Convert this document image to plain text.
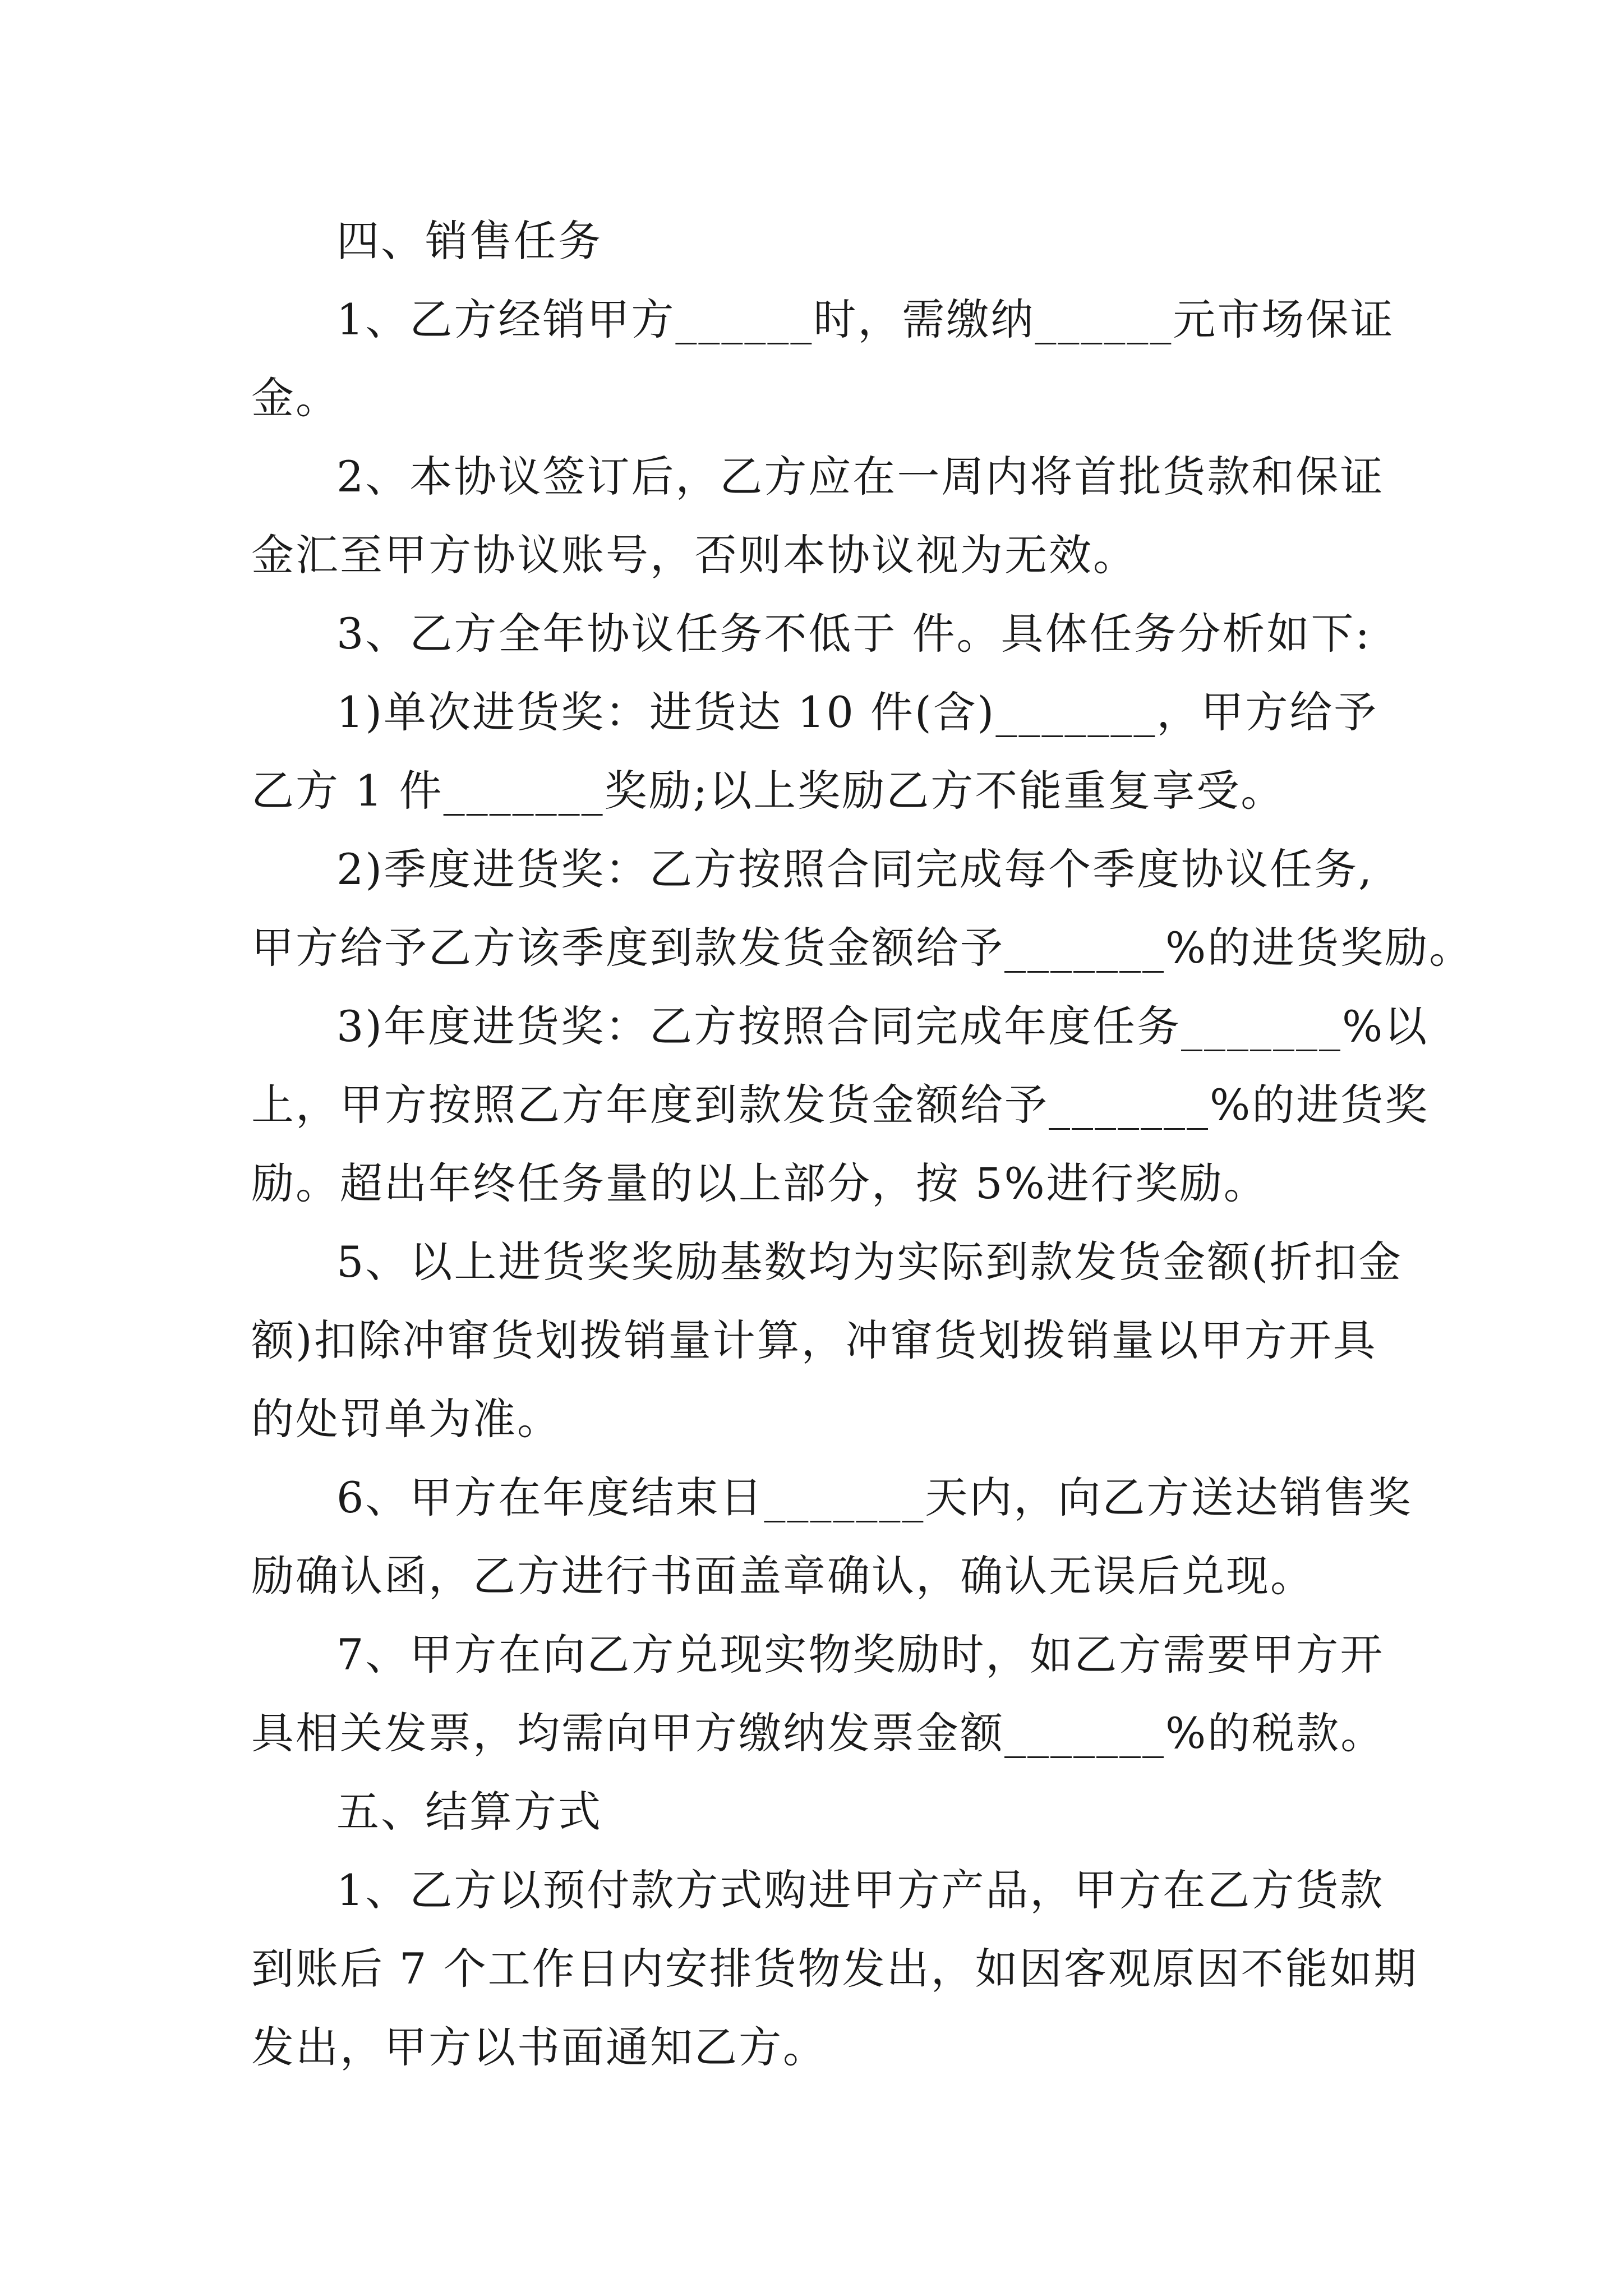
四、销售任务

1、乙方经销甲方______时，需缴纳______元市场保证

金。

2、本协议签订后，乙方应在一周内将首批货款和保证

金汇至甲方协议账号，否则本协议视为无效。

3、乙方全年协议任务不低于 件。具体任务分析如下:

1)单次进货奖：进货达 10 件(含)_______，甲方给予

乙方 1 件_______奖励;以上奖励乙方不能重复享受。

2)季度进货奖：乙方按照合同完成每个季度协议任务,

甲方给予乙方该季度到款发货金额给予_______%的进货奖励。

3)年度进货奖：乙方按照合同完成年度任务_______%以

上，甲方按照乙方年度到款发货金额给予_______%的进货奖

励。超出年终任务量的以上部分，按 5%进行奖励。

5、以上进货奖奖励基数均为实际到款发货金额(折扣金

额)扣除冲窜货划拨销量计算，冲窜货划拨销量以甲方开具

的处罚单为准。

6、甲方在年度结束日_______天内，向乙方送达销售奖

励确认函，乙方进行书面盖章确认，确认无误后兑现。

7、甲方在向乙方兑现实物奖励时，如乙方需要甲方开

具相关发票，均需向甲方缴纳发票金额_______%的税款。

五、结算方式

1、乙方以预付款方式购进甲方产品，甲方在乙方货款

到账后 7 个工作日内安排货物发出，如因客观原因不能如期

发出，甲方以书面通知乙方。
